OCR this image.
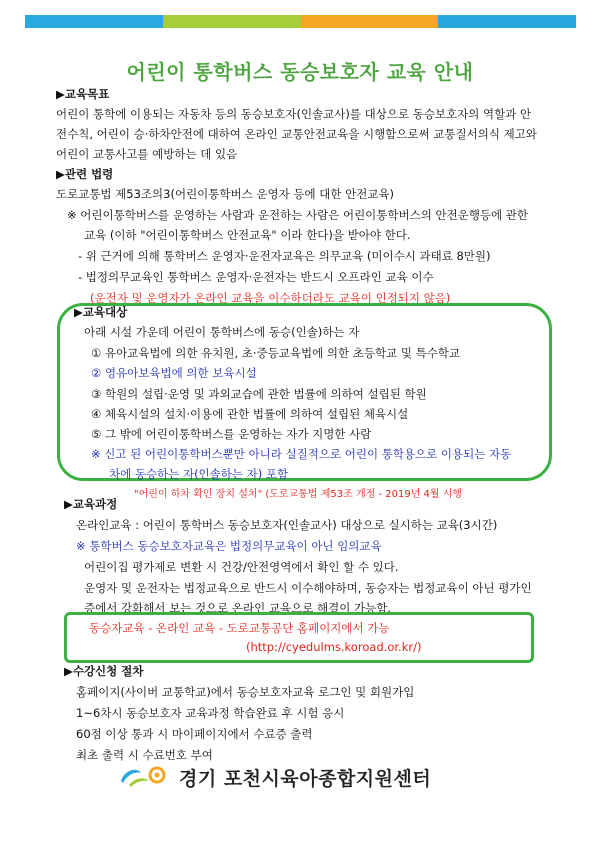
어린이 통학버스 동승보호자 교육 안내
▶교육목표
어린이 통학에 이용되는 자동차 등의 동승보호자(인솔교사)를 대상으로 동승보호자의 역할과 안
전수칙, 어린이 승·하차안전에 대하여 온라인 교통안전교육을 시행함으로써 교통질서의식 제고와
어린이 교통사고를 예방하는 데 있음
▶관련 법령
도로교통법 제53조의3(어린이통학버스 운영자 등에 대한 안전교육)
※ 어린이통학버스를 운영하는 사람과 운전하는 사람은 어린이통학버스의 안전운행등에 관한
교육 (이하 "어린이통학버스 안전교육" 이라 한다)을 받아야 한다.
- 위 근거에 의해 통학버스 운영자·운전자교육은 의무교육 (미이수시 과태료 8만원)
- 법정의무교육인 통학버스 운영자·운전자는 반드시 오프라인 교육 이수
(운전자 및 운영자가 온라인 교육을 이수하더라도 교육이 인정되지 않음)
▶교육대상
아래 시설 가운데 어린이 통학버스에 동승(인솔)하는 자
① 유아교육법에 의한 유치원, 초·중등교육법에 의한 초등학교 및 특수학교
② 영유아보육법에 의한 보육시설
③ 학원의 설립·운영 및 과외교습에 관한 법률에 의하여 설립된 학원
④ 체육시설의 설치·이용에 관한 법률에 의하여 설립된 체육시설
⑤ 그 밖에 어린이통학버스를 운영하는 자가 지명한 사람
※ 신고 된 어린이통학버스뿐만 아니라 실질적으로 어린이 통학용으로 이용되는 자동
차에 동승하는 자(인솔하는 자) 포함
"어린이 하차 확인 장치 설치" (도로교통법 제53조 개정 - 2019년 4월 시행
▶교육과정
온라인교육 : 어린이 통학버스 동승보호자(인솔교사) 대상으로 실시하는 교육(3시간)
※ 통학버스 동승보호자교육은 법정의무교육이 아닌 임의교육
어린이집 평가제로 변환 시 건강/안전영역에서 확인 할 수 있다.
운영자 및 운전자는 법정교육으로 반드시 이수해야하며, 동승자는 법정교육이 아닌 평가인
증에서 강화해서 보는 것으로 온라인 교육으로 해결이 가능함.
동승자교육 - 온라인 교육 - 도로교통공단 홈페이지에서 가능
(http://cyedulms.koroad.or.kr/)
▶수강신청 절차
홈페이지(사이버 교통학교)에서 동승보호자교육 로그인 및 회원가입
1~6차시 동승보호자 교육과정 학습완료 후 시험 응시
60점 이상 통과 시 마이페이지에서 수료증 출력
최초 출력 시 수료번호 부여
경기 포천시육아종합지원센터
